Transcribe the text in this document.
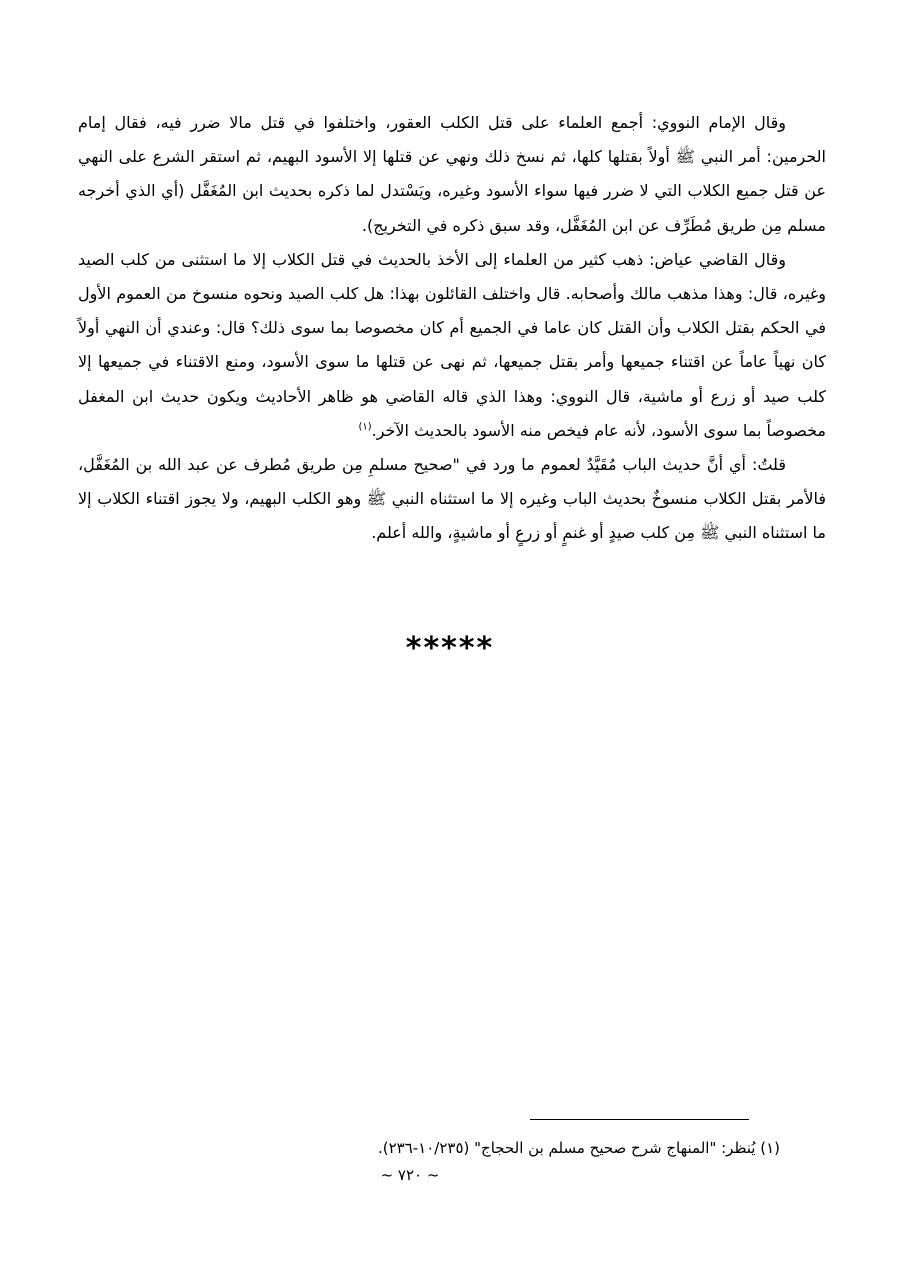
وقال الإمام النووي: أجمع العلماء على قتل الكلب العقور، واختلفوا في قتل مالا ضرر فيه، فقال إمام الحرمين: أمر النبي ﷺ أولاً بقتلها كلها، ثم نسخ ذلك ونهي عن قتلها إلا الأسود البهيم، ثم استقر الشرع على النهي عن قتل جميع الكلاب التي لا ضرر فيها سواء الأسود وغيره، ويَسْتدل لما ذكره بحديث ابن المُغَفَّل (أي الذي أخرجه مسلم مِن طريق مُطَرِّف عن ابن المُغَفَّل، وقد سبق ذكره في التخريج).

وقال القاضي عياض: ذهب كثير من العلماء إلى الأخذ بالحديث في قتل الكلاب إلا ما استثنى من كلب الصيد وغيره، قال: وهذا مذهب مالك وأصحابه. قال واختلف القائلون بهذا: هل كلب الصيد ونحوه منسوخ من العموم الأول في الحكم بقتل الكلاب وأن القتل كان عاما في الجميع أم كان مخصوصا بما سوى ذلك؟ قال: وعندي أن النهي أولاً كان نهياً عاماً عن اقتناء جميعها وأمر بقتل جميعها، ثم نهى عن قتلها ما سوى الأسود، ومنع الاقتناء في جميعها إلا كلب صيد أو زرع أو ماشية، قال النووي: وهذا الذي قاله القاضي هو ظاهر الأحاديث ويكون حديث ابن المغفل مخصوصاً بما سوى الأسود، لأنه عام فيخص منه الأسود بالحديث الآخر.$^{(١)}$

قلتُ: أي أنَّ حديث الباب مُقَيَّدٌ لعموم ما ورد في "صحيح مسلمِ مِن طريق مُطرف عن عبد الله بن المُغَفَّل، فالأمر بقتل الكلاب منسوخٌ بحديث الباب وغيره إلا ما استثناه النبي ﷺ وهو الكلب البهيم، ولا يجوز اقتناء الكلاب إلا ما استثناه النبي ﷺ مِن كلب صيدٍ أو غنمٍ أو زرعٍ أو ماشيةٍ، والله أعلم.

*****
(١) يُنظر: "المنهاج شرح صحيح مسلم بن الحجاج" (١٠/٢٣٥-٢٣٦).
~ ٧٢٠ ~
